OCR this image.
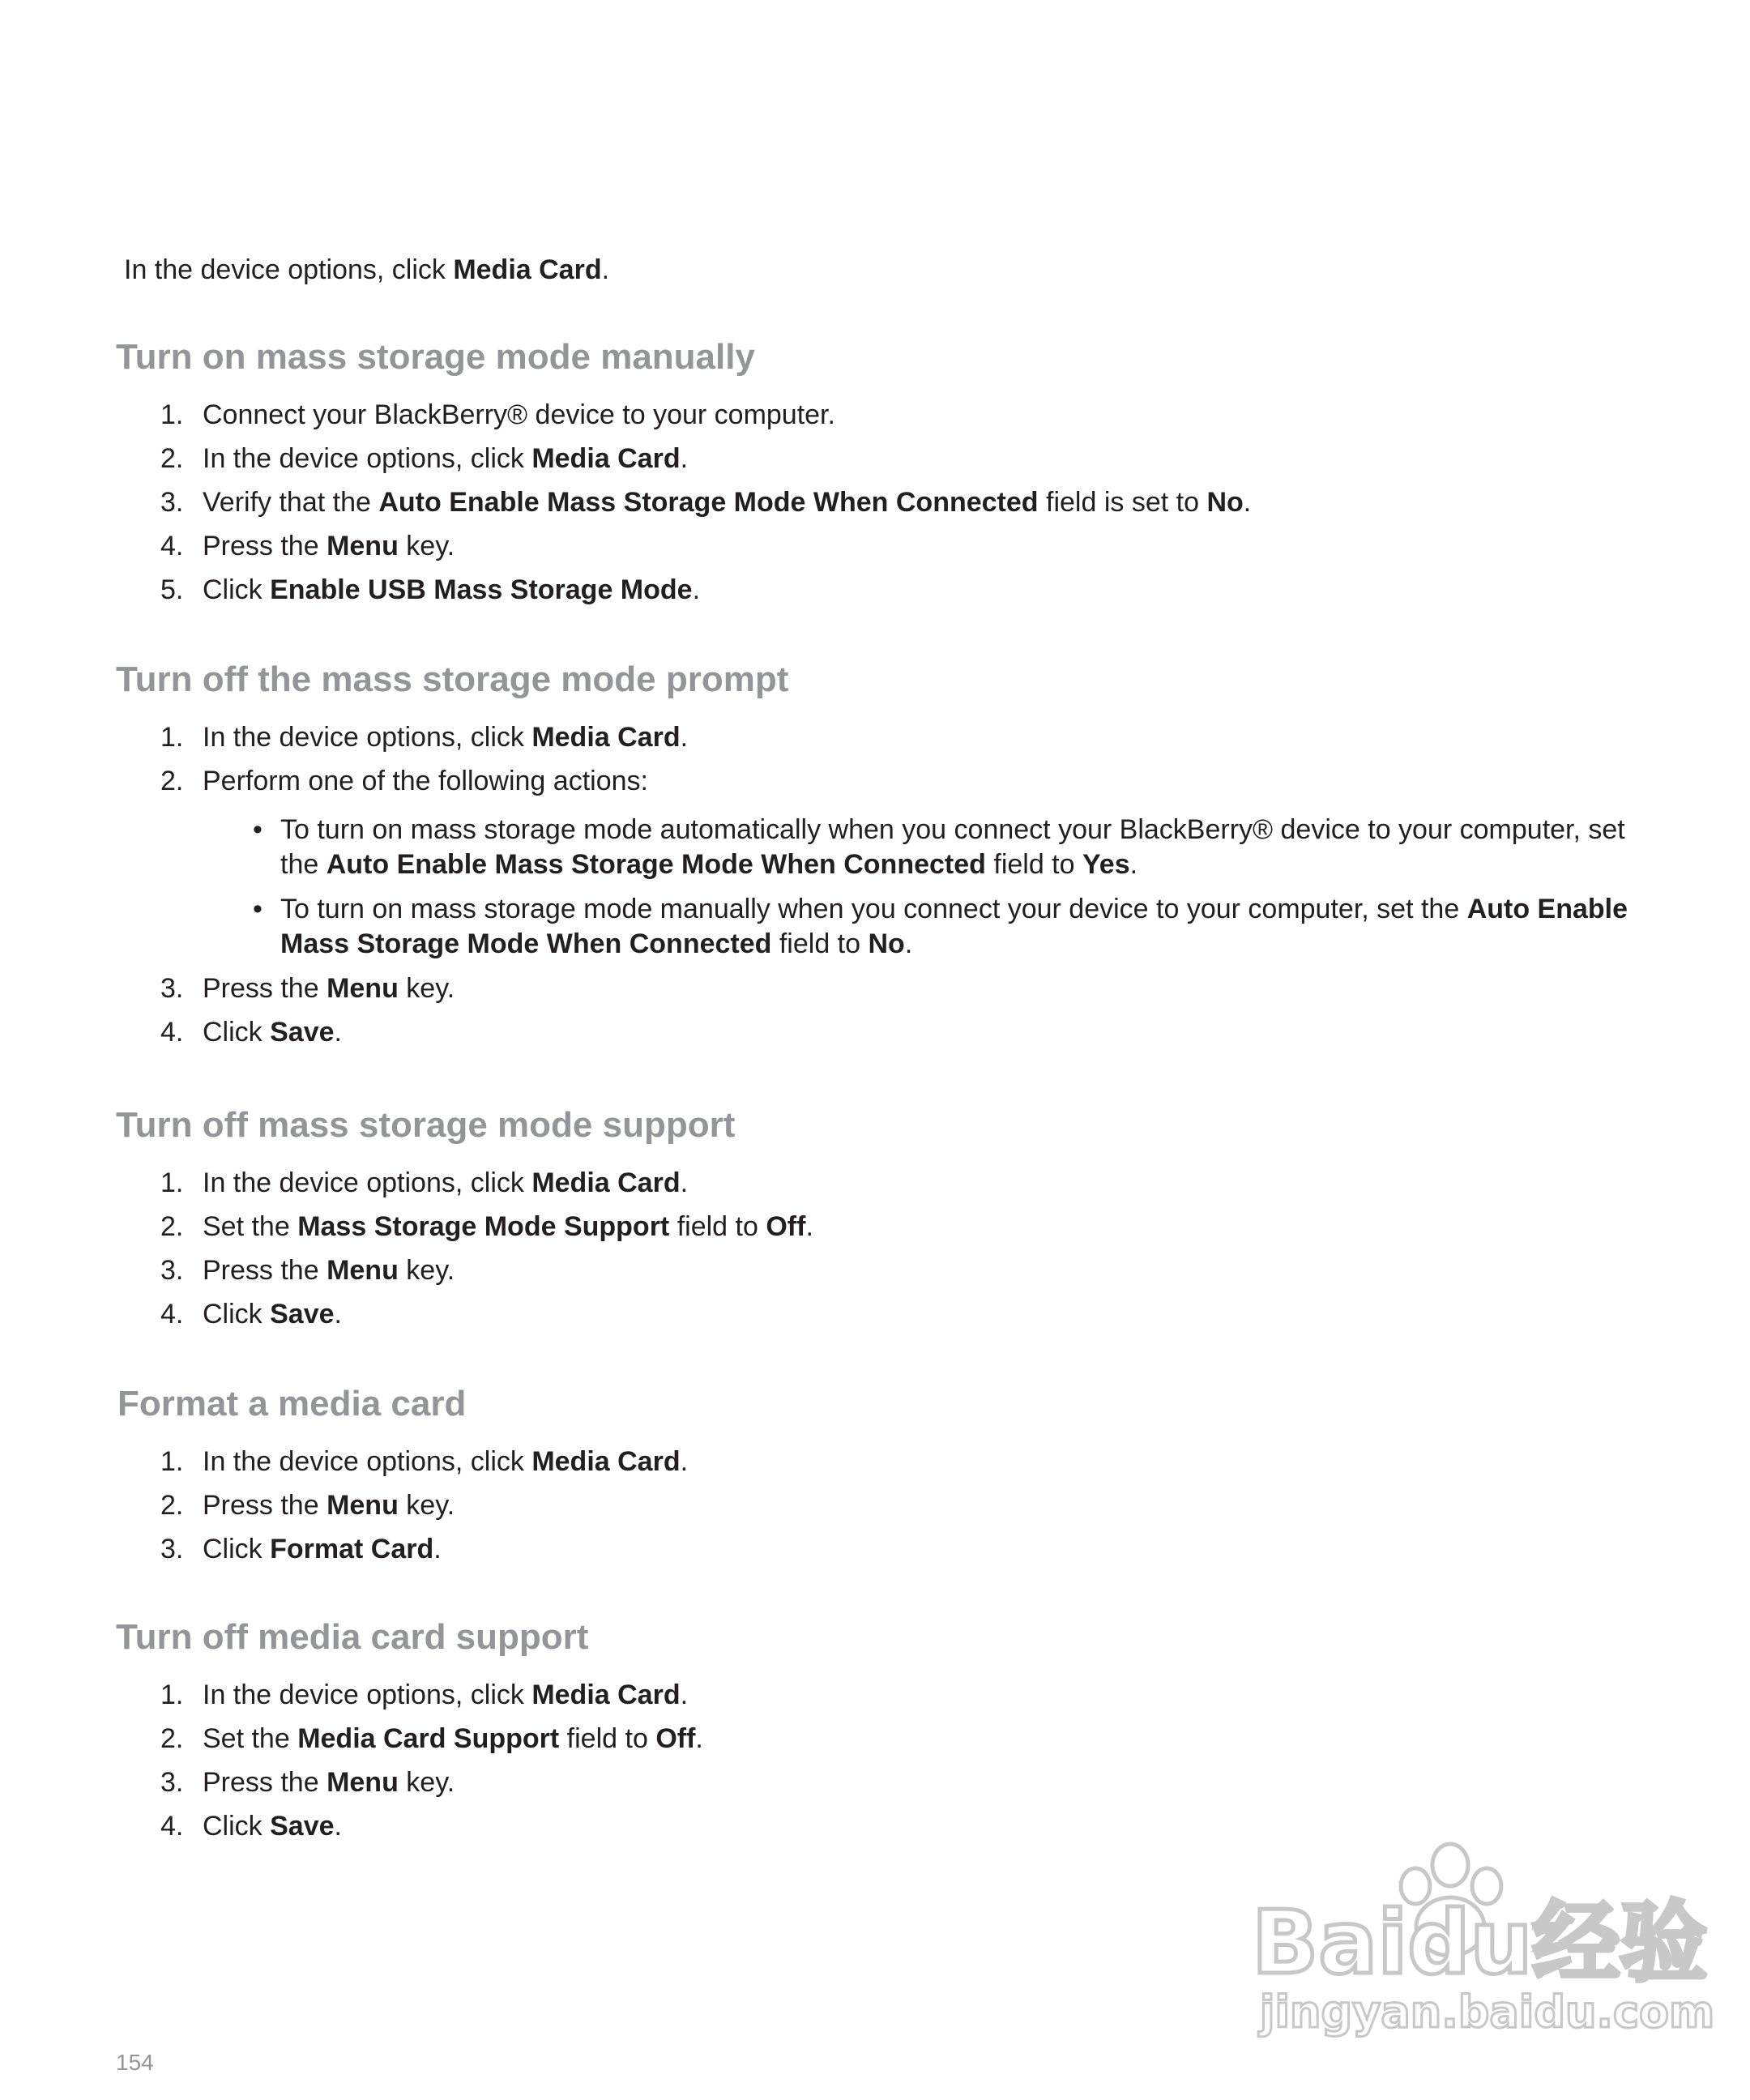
In the device options, click Media Card.

Turn on mass storage mode manually
1. Connect your BlackBerry® device to your computer.
2. In the device options, click Media Card.
3. Verify that the Auto Enable Mass Storage Mode When Connected field is set to No.
4. Press the Menu key.
5. Click Enable USB Mass Storage Mode.
Turn off the mass storage mode prompt
1. In the device options, click Media Card.
2. Perform one of the following actions:
• To turn on mass storage mode automatically when you connect your BlackBerry® device to your computer, set the Auto Enable Mass Storage Mode When Connected field to Yes.
• To turn on mass storage mode manually when you connect your device to your computer, set the Auto Enable Mass Storage Mode When Connected field to No.
3. Press the Menu key.
4. Click Save.
Turn off mass storage mode support
1. In the device options, click Media Card.
2. Set the Mass Storage Mode Support field to Off.
3. Press the Menu key.
4. Click Save.
Format a media card
1. In the device options, click Media Card.
2. Press the Menu key.
3. Click Format Card.
Turn off media card support
1. In the device options, click Media Card.
2. Set the Media Card Support field to Off.
3. Press the Menu key.
4. Click Save.
154
Baidu经验
jingyan.baidu.com
